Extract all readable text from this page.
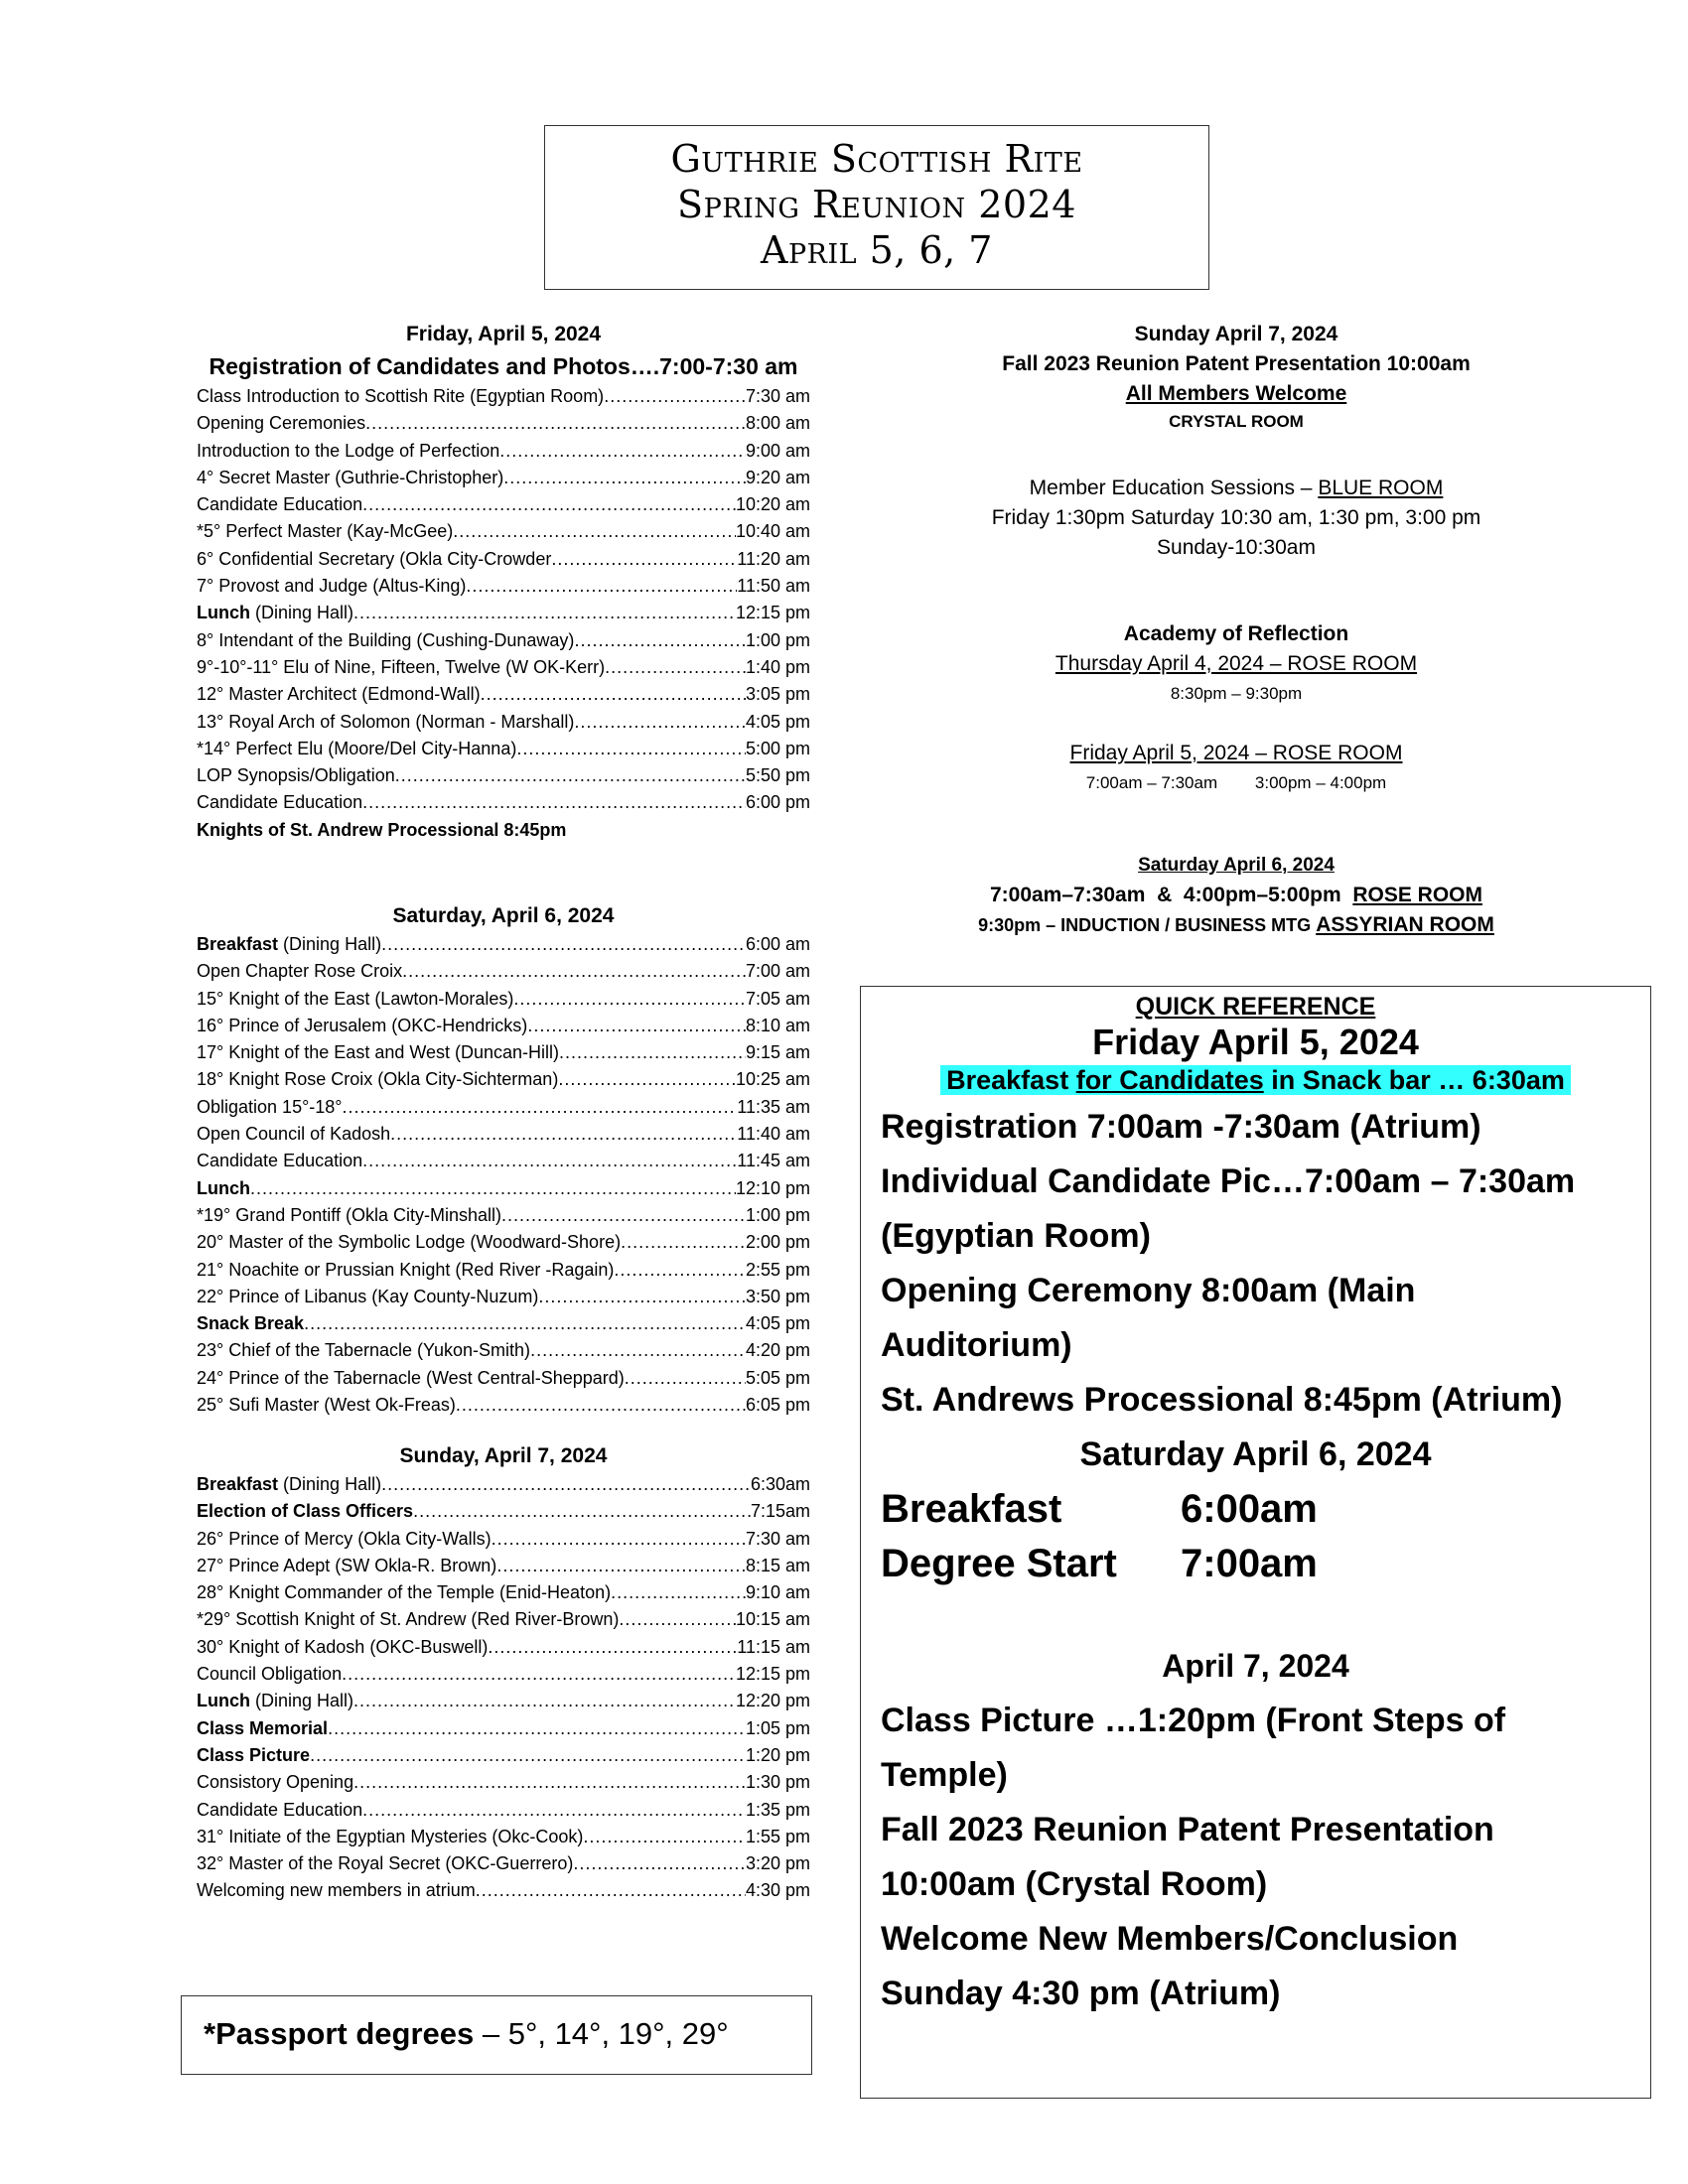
Guthrie Scottish Rite
Spring Reunion 2024
April 5, 6, 7
Friday, April 5, 2024
Registration of Candidates and Photos….7:00-7:30 am
Class Introduction to Scottish Rite (Egyptian Room) .....	7:30 am
Opening Ceremonies .....	8:00 am
Introduction to the Lodge of Perfection .....	9:00 am
4° Secret Master (Guthrie-Christopher) .....	9:20 am
Candidate Education .....	10:20 am
*5° Perfect Master (Kay-McGee) .....	10:40 am
6° Confidential Secretary (Okla City-Crowder .....	11:20 am
7° Provost and Judge (Altus-King) .....	11:50 am
Lunch (Dining Hall) .....	12:15 pm
8° Intendant of the Building (Cushing-Dunaway) .....	1:00 pm
9°-10°-11° Elu of Nine, Fifteen, Twelve (W OK-Kerr) .....	1:40 pm
12° Master Architect (Edmond-Wall) .....	3:05 pm
13° Royal Arch of Solomon (Norman - Marshall) .....	4:05 pm
*14° Perfect Elu (Moore/Del City-Hanna) .....	5:00 pm
LOP Synopsis/Obligation .....	5:50 pm
Candidate Education .....	6:00 pm
Knights of St. Andrew Processional 8:45pm
Saturday, April 6, 2024
Breakfast (Dining Hall) .....	6:00 am
Open Chapter Rose Croix .....	7:00 am
15° Knight of the East (Lawton-Morales) .....	7:05 am
16° Prince of Jerusalem (OKC-Hendricks) .....	8:10 am
17° Knight of the East and West (Duncan-Hill) .....	9:15 am
18° Knight Rose Croix (Okla City-Sichterman) .....	10:25 am
Obligation 15°-18° .....	11:35 am
Open Council of Kadosh .....	11:40 am
Candidate Education .....	11:45 am
Lunch .....	12:10 pm
*19° Grand Pontiff (Okla City-Minshall) .....	1:00 pm
20° Master of the Symbolic Lodge (Woodward-Shore) .....	2:00 pm
21° Noachite or Prussian Knight (Red River -Ragain) .....	2:55 pm
22° Prince of Libanus (Kay County-Nuzum) .....	3:50 pm
Snack Break .....	4:05 pm
23° Chief of the Tabernacle (Yukon-Smith) .....	4:20 pm
24° Prince of the Tabernacle (West Central-Sheppard) .....	5:05 pm
25° Sufi Master (West Ok-Freas) .....	6:05 pm
Sunday, April 7, 2024
Breakfast (Dining Hall) .....	6:30am
Election of Class Officers .....	7:15am
26° Prince of Mercy (Okla City-Walls) .....	7:30 am
27° Prince Adept (SW Okla-R. Brown) .....	8:15 am
28° Knight Commander of the Temple (Enid-Heaton) .....	9:10 am
*29° Scottish Knight of St. Andrew (Red River-Brown) .....	10:15 am
30° Knight of Kadosh (OKC-Buswell) .....	11:15 am
Council Obligation .....	12:15 pm
Lunch (Dining Hall) .....	12:20 pm
Class Memorial .....	1:05 pm
Class Picture .....	1:20 pm
Consistory Opening .....	1:30 pm
Candidate Education .....	1:35 pm
31° Initiate of the Egyptian Mysteries (Okc-Cook) .....	1:55 pm
32° Master of the Royal Secret (OKC-Guerrero) .....	3:20 pm
Welcoming new members in atrium .....	4:30 pm
*Passport degrees – 5°, 14°, 19°, 29°
Sunday April 7, 2024
Fall 2023 Reunion Patent Presentation 10:00am
All Members Welcome
CRYSTAL ROOM
Member Education Sessions – BLUE ROOM
Friday 1:30pm Saturday 10:30 am, 1:30 pm, 3:00 pm
Sunday-10:30am
Academy of Reflection
Thursday April 4, 2024 – ROSE ROOM
8:30pm – 9:30pm
Friday April 5, 2024 – ROSE ROOM
7:00am – 7:30am        3:00pm – 4:00pm
Saturday April 6, 2024
7:00am–7:30am  &  4:00pm–5:00pm  ROSE ROOM
9:30pm – INDUCTION / BUSINESS MTG ASSYRIAN ROOM
QUICK REFERENCE
Friday April 5, 2024
Breakfast for Candidates in Snack bar … 6:30am
Registration 7:00am -7:30am (Atrium)
Individual Candidate Pic…7:00am – 7:30am
(Egyptian Room)
Opening Ceremony 8:00am (Main
Auditorium)
St. Andrews Processional 8:45pm (Atrium)
Saturday April 6, 2024
Breakfast	6:00am
Degree Start	7:00am
April 7, 2024
Class Picture …1:20pm (Front Steps of
Temple)
Fall 2023 Reunion Patent Presentation
10:00am (Crystal Room)
Welcome New Members/Conclusion
Sunday 4:30 pm (Atrium)
